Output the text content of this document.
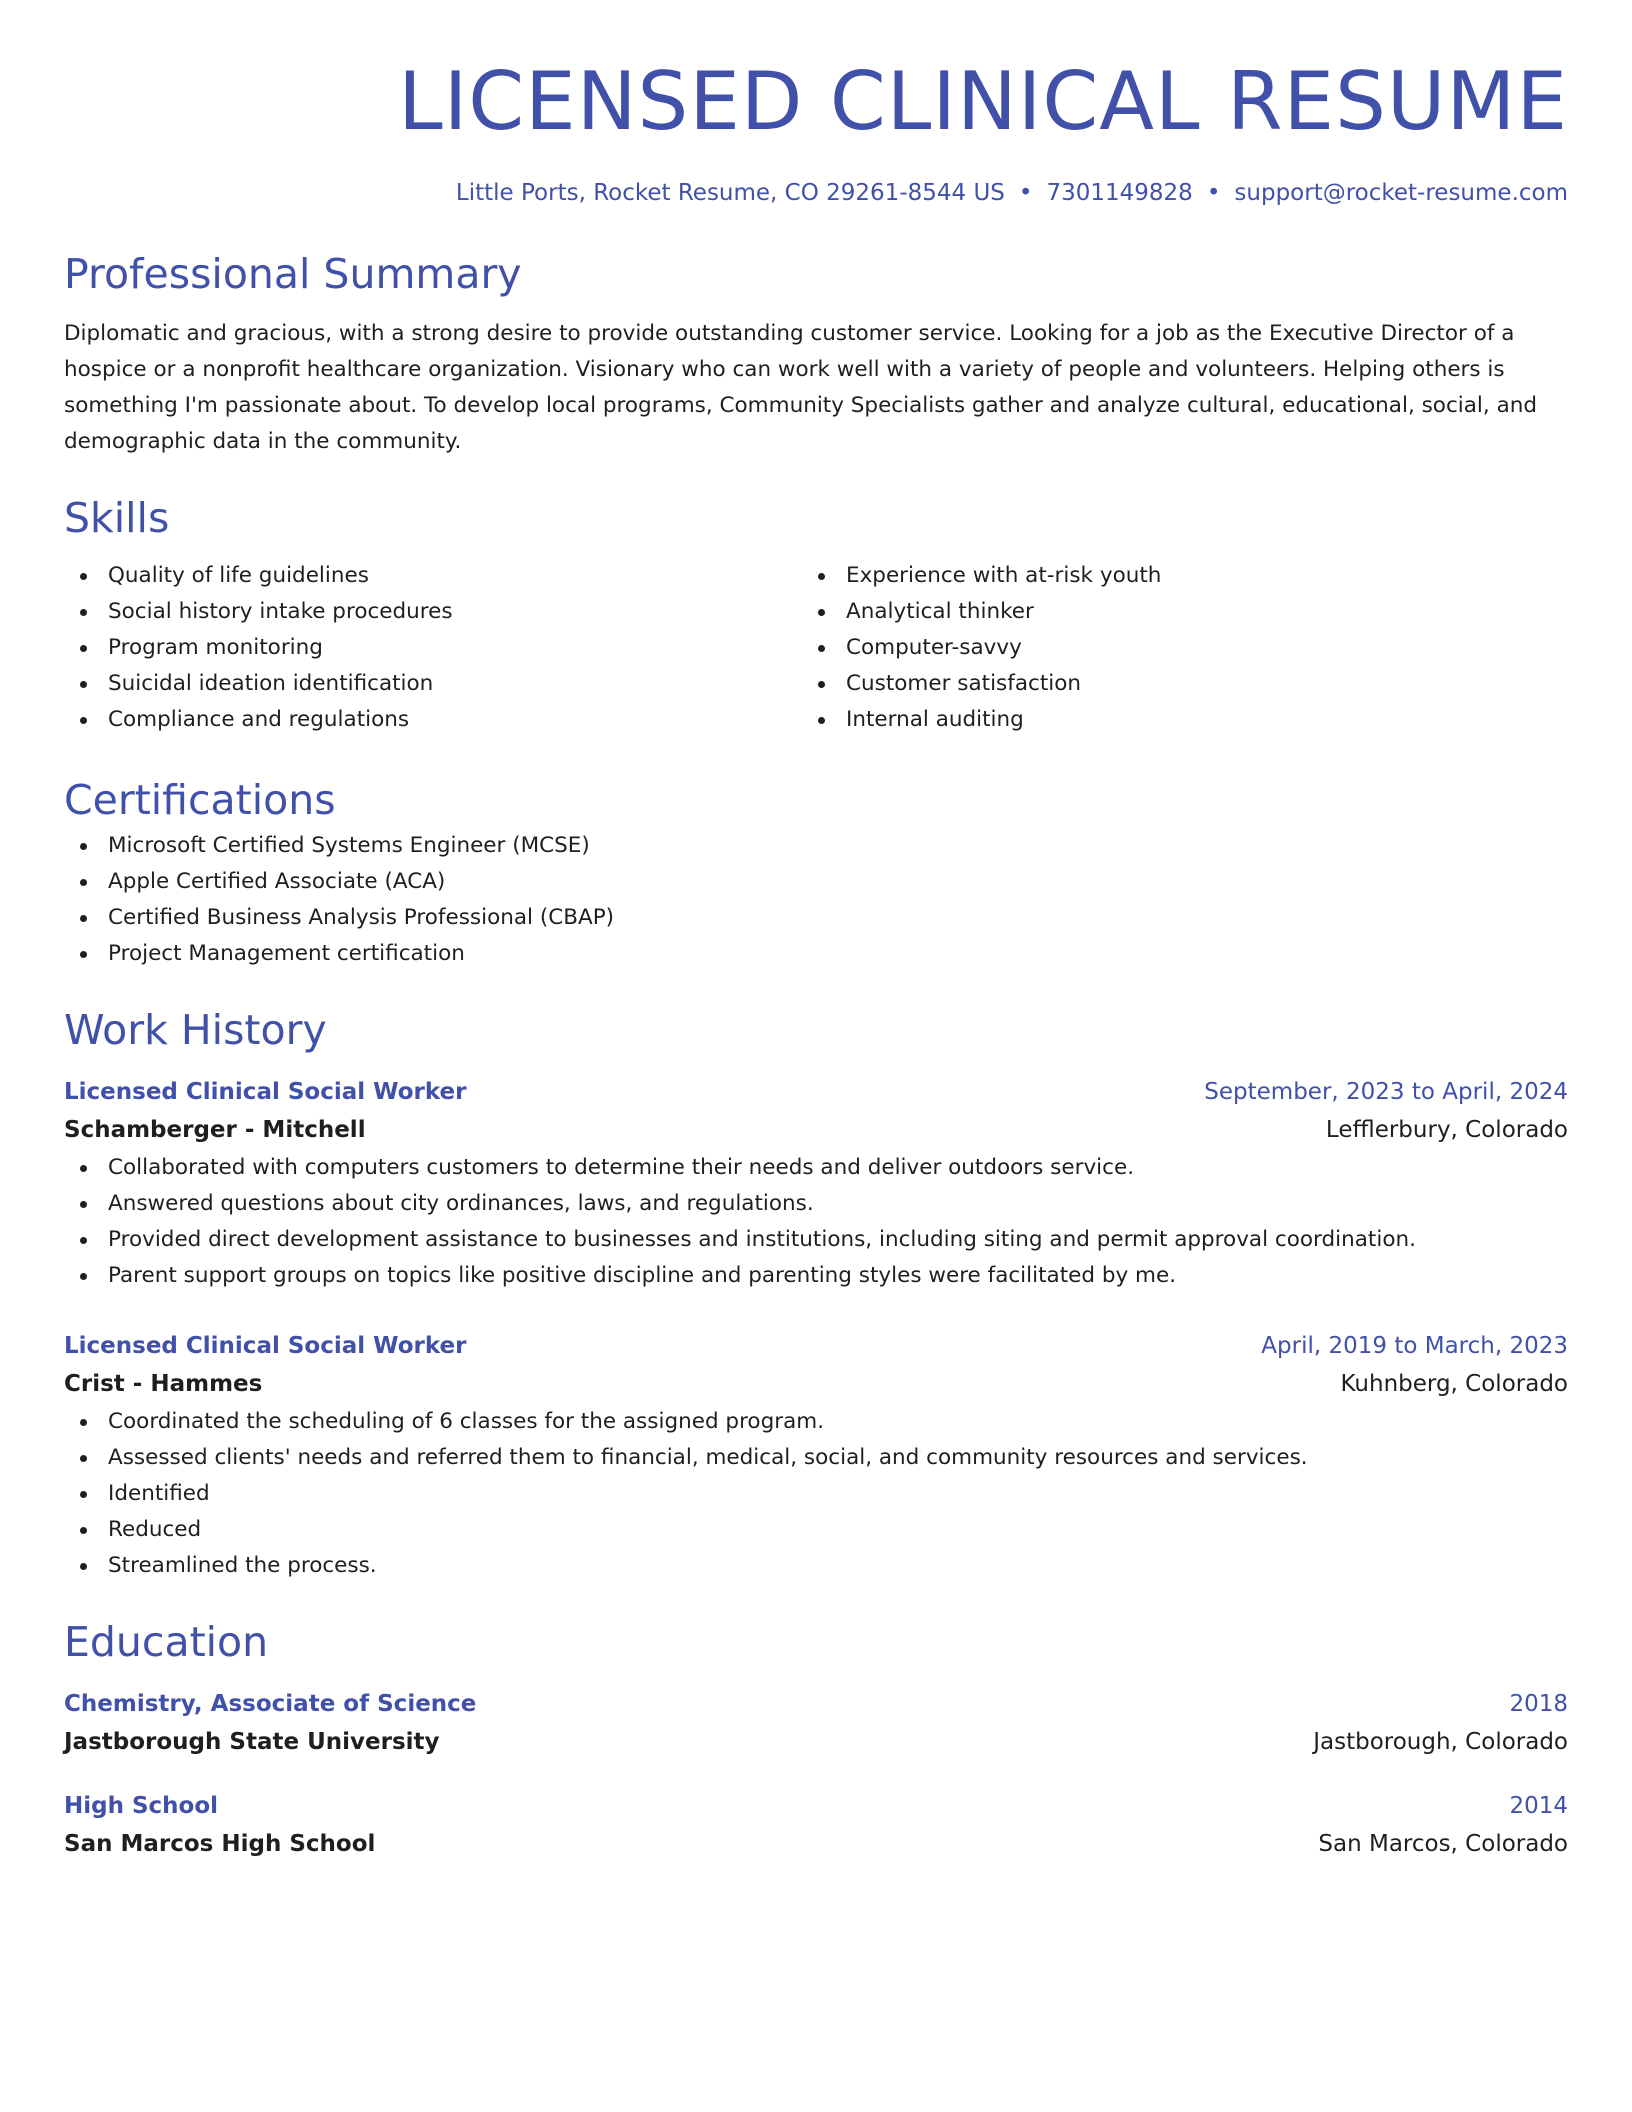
LICENSED CLINICAL RESUME
Little Ports, Rocket Resume, CO 29261-8544 US • 7301149828 • support@rocket-resume.com
Professional Summary
Diplomatic and gracious, with a strong desire to provide outstanding customer service. Looking for a job as the Executive Director of a hospice or a nonprofit healthcare organization. Visionary who can work well with a variety of people and volunteers. Helping others is something I'm passionate about. To develop local programs, Community Specialists gather and analyze cultural, educational, social, and demographic data in the community.
Skills
Quality of life guidelines
Social history intake procedures
Program monitoring
Suicidal ideation identification
Compliance and regulations
Experience with at-risk youth
Analytical thinker
Computer-savvy
Customer satisfaction
Internal auditing
Certifications
Microsoft Certified Systems Engineer (MCSE)
Apple Certified Associate (ACA)
Certified Business Analysis Professional (CBAP)
Project Management certification
Work History
Licensed Clinical Social Worker	September, 2023 to April, 2024
Schamberger - Mitchell	Lefflerbury, Colorado
Collaborated with computers customers to determine their needs and deliver outdoors service.
Answered questions about city ordinances, laws, and regulations.
Provided direct development assistance to businesses and institutions, including siting and permit approval coordination.
Parent support groups on topics like positive discipline and parenting styles were facilitated by me.
Licensed Clinical Social Worker	April, 2019 to March, 2023
Crist - Hammes	Kuhnberg, Colorado
Coordinated the scheduling of 6 classes for the assigned program.
Assessed clients' needs and referred them to financial, medical, social, and community resources and services.
Identified
Reduced
Streamlined the process.
Education
Chemistry, Associate of Science	2018
Jastborough State University	Jastborough, Colorado
High School	2014
San Marcos High School	San Marcos, Colorado
